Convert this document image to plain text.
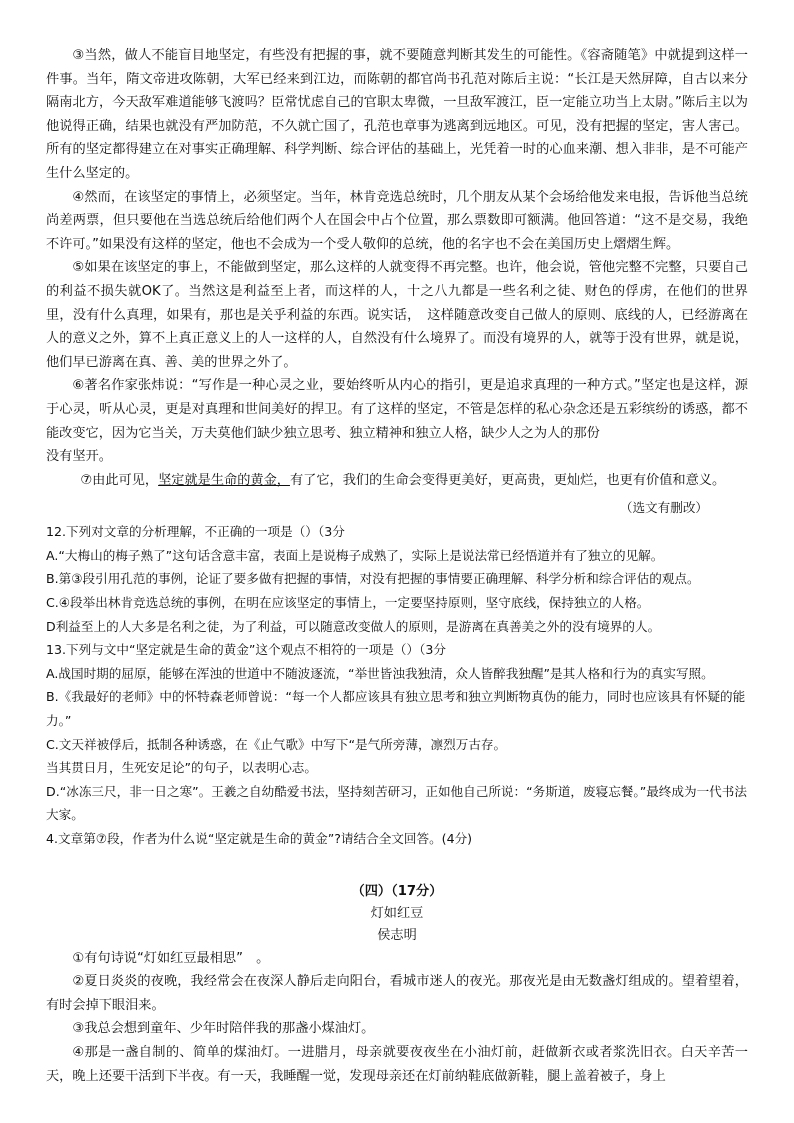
③当然，做人不能盲目地坚定，有些没有把握的事，就不要随意判断其发生的可能性。《容斋随笔》中就提到这样一件事。当年，隋文帝进攻陈朝，大军已经来到江边，而陈朝的都官尚书孔范对陈后主说：“长江是天然屏障，自古以来分隔南北方，今天敌军难道能够飞渡吗？臣常忧虑自己的官职太卑微，一旦敌军渡江，臣一定能立功当上太尉。”陈后主以为他说得正确，结果也就没有严加防范，不久就亡国了，孔范也章事为逃离到远地区。可见，没有把握的坚定，害人害己。所有的坚定都得建立在对事实正确理解、科学判断、综合评估的基础上，光凭着一时的心血来潮、想入非非，是不可能产生什么坚定的。

④然而，在该坚定的事情上，必须坚定。当年，林肯竞选总统时，几个朋友从某个会场给他发来电报，告诉他当总统尚差两票，但只要他在当选总统后给他们两个人在国会中占个位置，那么票数即可额满。他回答道：“这不是交易，我绝不许可。”如果没有这样的坚定，他也不会成为一个受人敬仰的总统，他的名字也不会在美国历史上熠熠生辉。

⑤如果在该坚定的事上，不能做到坚定，那么这样的人就变得不再完整。也许，他会说，管他完整不完整，只要自己的利益不损失就OK了。当然这是利益至上者，而这样的人，十之八九都是一些名利之徒、财色的俘虏，在他们的世界里，没有什么真理，如果有，那也是关乎利益的东西。说实话，　这样随意改变自己做人的原则、底线的人，已经游离在人的意义之外，算不上真正意义上的人一这样的人，自然没有什么境界了。而没有境界的人，就等于没有世界，就是说，他们早已游离在真、善、美的世界之外了。

⑥著名作家张炜说：“写作是一种心灵之业，要始终听从内心的指引，更是追求真理的一种方式。”坚定也是这样，源于心灵，听从心灵，更是对真理和世间美好的捍卫。有了这样的坚定，不管是怎样的私心杂念还是五彩缤纷的诱惑，都不能改变它，因为它当关，万夫莫他们缺少独立思考、独立精神和独立人格，缺少人之为人的那份

没有坚开。

⑦由此可见，坚定就是生命的黄金，有了它，我们的生命会变得更美好，更高贵，更灿烂，也更有价值和意义。

（选文有删改）

12.下列对文章的分析理解，不正确的一项是（）（3分

A.“大梅山的梅子熟了”这句话含意丰富，表面上是说梅子成熟了，实际上是说法常已经悟道并有了独立的见解。

B.第③段引用孔范的事例，论证了要多做有把握的事情，对没有把握的事情要正确理解、科学分析和综合评估的观点。

C.④段举出林肯竞选总统的事例，在明在应该坚定的事情上，一定要坚持原则，坚守底线，保持独立的人格。

D利益至上的人大多是名利之徒，为了利益，可以随意改变做人的原则，是游离在真善美之外的没有境界的人。

13.下列与文中“坚定就是生命的黄金”这个观点不相符的一项是（）（3分

A.战国时期的屈原，能够在浑浊的世道中不随波逐流，“举世皆浊我独清，众人皆醉我独醒”是其人格和行为的真实写照。

B.《我最好的老师》中的怀特森老师曾说：“每一个人都应该具有独立思考和独立判断物真伪的能力，同时也应该具有怀疑的能力。”

C.文天祥被俘后，抵制各种诱惑，在《止气歌》中写下“是气所旁薄，凛烈万古存。

当其贯日月，生死安足论”的句子，以表明心志。

D.“冰冻三尺，非一日之寒”。王羲之自幼酷爱书法，坚持刻苦研习，正如他自己所说：“务斯道，废寝忘餐。”最终成为一代书法大家。

4.文章第⑦段，作者为什么说“坚定就是生命的黄金”?请结合全文回答。(4分)

（四）（17分）

灯如红豆

侯志明

①有句诗说“灯如红豆最相思”　。

②夏日炎炎的夜晚，我经常会在夜深人静后走向阳台，看城市迷人的夜光。那夜光是由无数盏灯组成的。望着望着，有时会掉下眼泪来。

③我总会想到童年、少年时陪伴我的那盏小煤油灯。

④那是一盏自制的、简单的煤油灯。一进腊月，母亲就要夜夜坐在小油灯前，赶做新衣或者浆洗旧衣。白天辛苦一天，晚上还要干活到下半夜。有一天，我睡醒一觉，发现母亲还在灯前纳鞋底做新鞋，腿上盖着被子，身上
